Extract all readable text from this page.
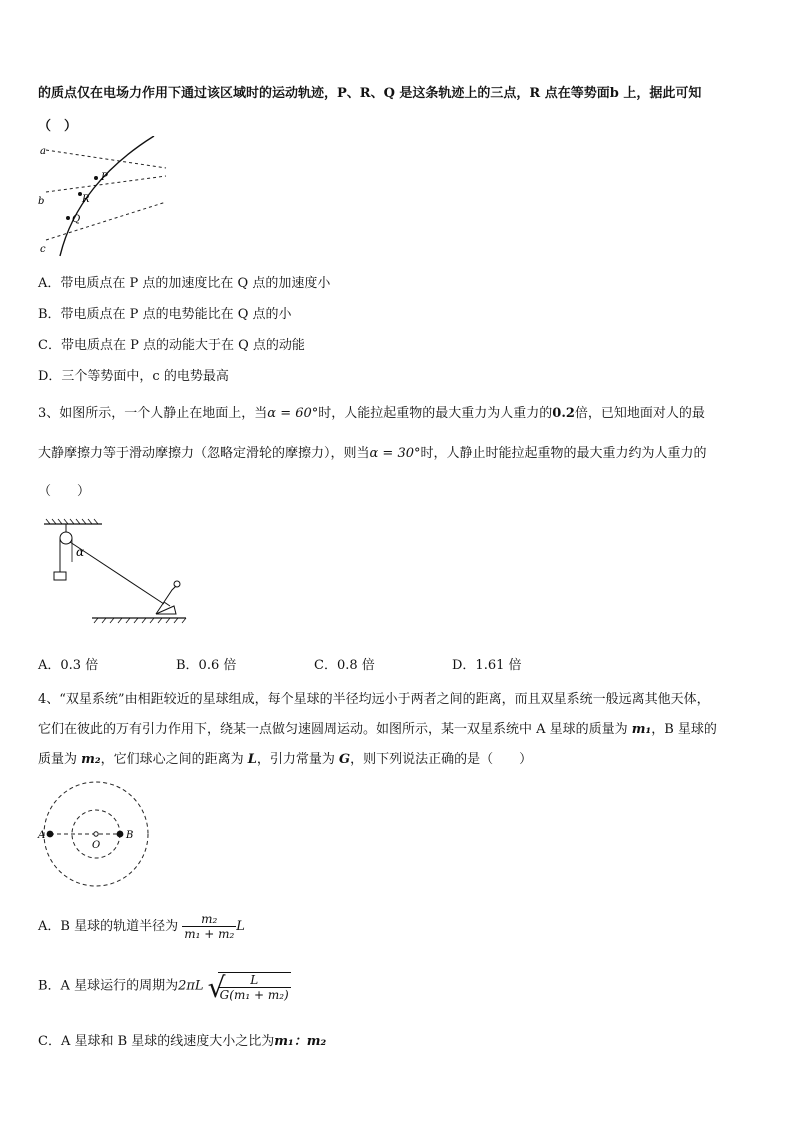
的质点仅在电场力作用下通过该区域时的运动轨迹，P、R、Q 是这条轨迹上的三点，R 点在等势面b 上，据此可知
（　）
a
b
c
P
R
Q
A．带电质点在 P 点的加速度比在 Q 点的加速度小
B．带电质点在 P 点的电势能比在 Q 点的小
C．带电质点在 P 点的动能大于在 Q 点的动能
D．三个等势面中，c 的电势最高
3、如图所示，一个人静止在地面上，当α = 60°时，人能拉起重物的最大重力为人重力的0.2倍，已知地面对人的最
大静摩擦力等于滑动摩擦力（忽略定滑轮的摩擦力），则当α = 30°时，人静止时能拉起重物的最大重力约为人重力的
（　　）
α
A．0.3 倍	B．0.6 倍	C．0.8 倍	D．1.61 倍
4、“双星系统”由相距较近的星球组成，每个星球的半径均远小于两者之间的距离，而且双星系统一般远离其他天体，
它们在彼此的万有引力作用下，绕某一点做匀速圆周运动。如图所示，某一双星系统中 A 星球的质量为 m₁，B 星球的
质量为 m₂，它们球心之间的距离为 L，引力常量为 G，则下列说法正确的是（　　）
A	B
O
A．B 星球的轨道半径为 $\frac{\text{m₂}}{\text{m₁ + m₂}}$ L
B．A 星球运行的周期为2πL √
$\frac{L}{\text{G(m₁ + m₂)}}$
C．A 星球和 B 星球的线速度大小之比为m₁：m₂
